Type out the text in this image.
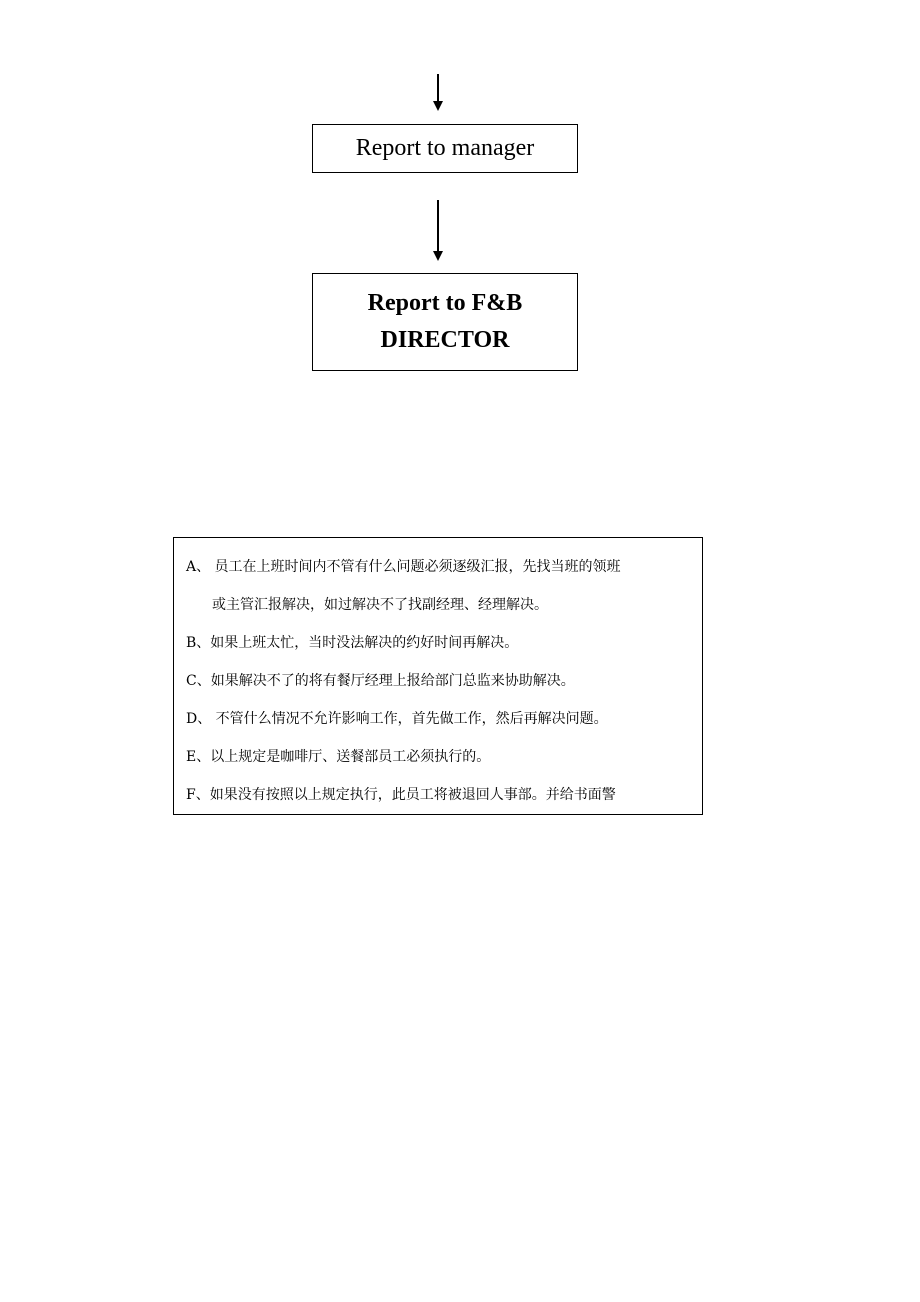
Report to manager
Report to F&B
DIRECTOR
A、 员工在上班时间内不管有什么问题必须逐级汇报，先找当班的领班
或主管汇报解决，如过解决不了找副经理、经理解决。
B、如果上班太忙，当时没法解决的约好时间再解决。
C、如果解决不了的将有餐厅经理上报给部门总监来协助解决。
D、 不管什么情况不允许影响工作，首先做工作，然后再解决问题。
E、以上规定是咖啡厅、送餐部员工必须执行的。
F、如果没有按照以上规定执行，此员工将被退回人事部。并给书面警
